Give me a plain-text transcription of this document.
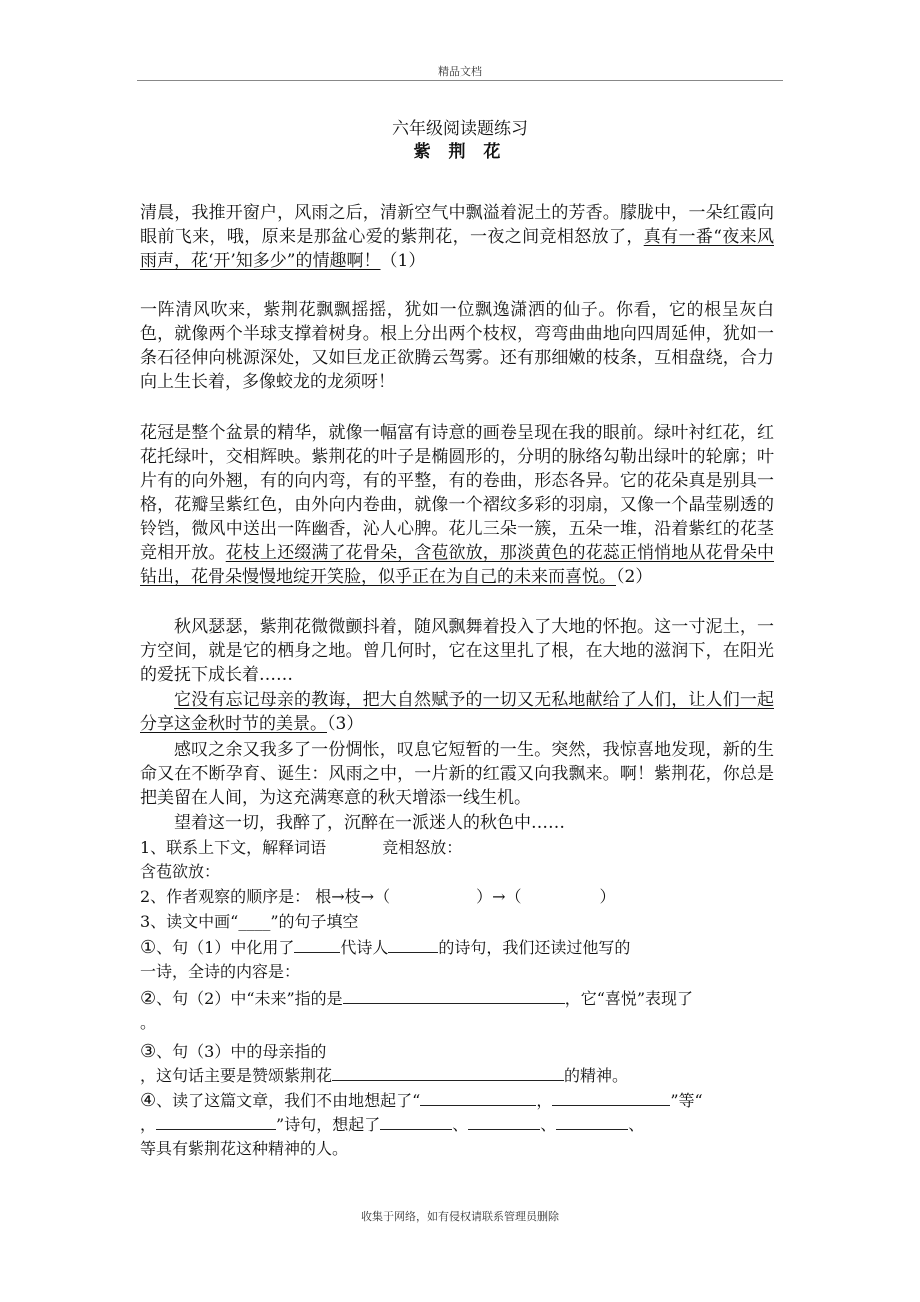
精品文档
六年级阅读题练习
紫 荆 花

清晨，我推开窗户，风雨之后，清新空气中飘溢着泥土的芳香。朦胧中，一朵红霞向眼前飞来，哦，原来是那盆心爱的紫荆花，一夜之间竞相怒放了，真有一番“夜来风雨声，花‘开’知多少”的情趣啊！（1）

一阵清风吹来，紫荆花飘飘摇摇，犹如一位飘逸潇洒的仙子。你看，它的根呈灰白色，就像两个半球支撑着树身。根上分出两个枝杈，弯弯曲曲地向四周延伸，犹如一条石径伸向桃源深处，又如巨龙正欲腾云驾雾。还有那细嫩的枝条，互相盘绕，合力向上生长着，多像蛟龙的龙须呀！

花冠是整个盆景的精华，就像一幅富有诗意的画卷呈现在我的眼前。绿叶衬红花，红花托绿叶，交相辉映。紫荆花的叶子是椭圆形的，分明的脉络勾勒出绿叶的轮廓；叶片有的向外翘，有的向内弯，有的平整，有的卷曲，形态各异。它的花朵真是别具一格，花瓣呈紫红色，由外向内卷曲，就像一个褶纹多彩的羽扇，又像一个晶莹剔透的铃铛，微风中送出一阵幽香，沁人心脾。花儿三朵一簇，五朵一堆，沿着紫红的花茎竞相开放。花枝上还缀满了花骨朵，含苞欲放，那淡黄色的花蕊正悄悄地从花骨朵中钻出，花骨朵慢慢地绽开笑脸，似乎正在为自己的未来而喜悦。（2）

秋风瑟瑟，紫荆花微微颤抖着，随风飘舞着投入了大地的怀抱。这一寸泥土，一方空间，就是它的栖身之地。曾几何时，它在这里扎了根，在大地的滋润下，在阳光的爱抚下成长着……

它没有忘记母亲的教诲，把大自然赋予的一切又无私地献给了人们，让人们一起分享这金秋时节的美景。（3）

感叹之余又我多了一份惆怅，叹息它短暂的一生。突然，我惊喜地发现，新的生命又在不断孕育、诞生：风雨之中，一片新的红霞又向我飘来。啊！紫荆花，你总是把美留在人间，为这充满寒意的秋天增添一线生机。

望着这一切，我醉了，沉醉在一派迷人的秋色中……

1、联系上下文，解释词语	竞相怒放：
含苞欲放：
2、作者观察的顺序是： 根→枝→（	）→（	）
3、读文中画“____”的句子填空
①、句（1）中化用了	代诗人	的诗句，我们还读过他写的
一诗，全诗的内容是：
②、句（2）中“未来”指的是	，它“喜悦”表现了
。
③、句（3）中的母亲指的
，这句话主要是赞颂紫荆花	的精神。
④、读了这篇文章，我们不由地想起了“	，	”等“
，	”诗句，想起了	、	、	、
等具有紫荆花这种精神的人。
收集于网络，如有侵权请联系管理员删除
